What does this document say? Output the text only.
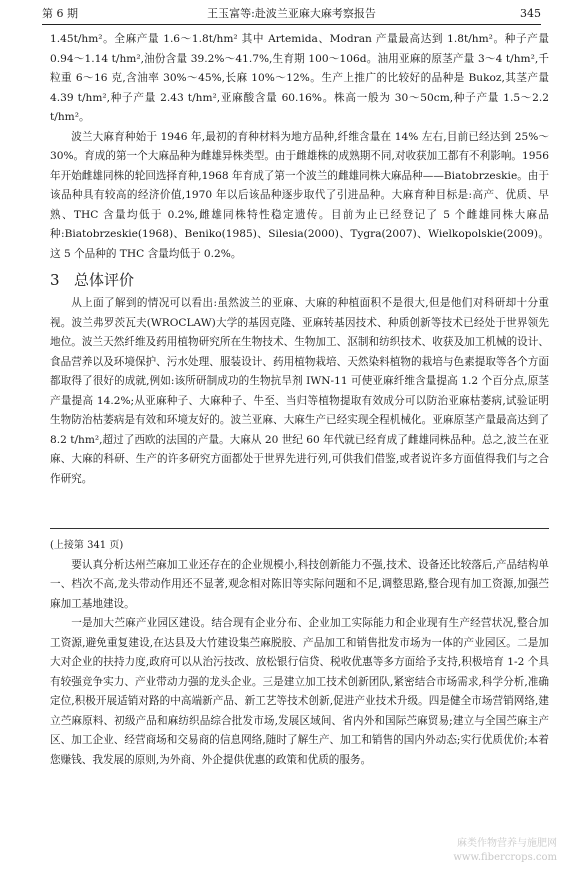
第 6 期	王玉富等:赴波兰亚麻大麻考察报告	345

1.45t/hm²。全麻产量 1.6～1.8t/hm² 其中 Artemida、Modran 产量最高达到 1.8t/hm²。种子产量 0.94～1.14 t/hm²,油份含量 39.2%～41.7%,生育期 100～106d。油用亚麻的原茎产量 3～4 t/hm²,千粒重 6～16 克,含油率 30%～45%,长麻 10%～12%。生产上推广的比较好的品种是 Bukoz,其茎产量 4.39 t/hm²,种子产量 2.43 t/hm²,亚麻酸含量 60.16%。株高一般为 30～50cm,种子产量 1.5～2.2 t/hm²。

波兰大麻育种始于 1946 年,最初的育种材料为地方品种,纤维含量在 14% 左右,目前已经达到 25%～30%。育成的第一个大麻品种为雌雄异株类型。由于雌雄株的成熟期不同,对收获加工都有不利影响。1956 年开始雌雄同株的轮回选择育种,1968 年育成了第一个波兰的雌雄同株大麻品种——Biatobrzeskie。由于该品种具有较高的经济价值,1970 年以后该品种逐步取代了引进品种。大麻育种目标是:高产、优质、早熟、THC 含量均低于 0.2%,雌雄同株特性稳定遗传。目前为止已经登记了 5 个雌雄同株大麻品种:Biatobrzeskie(1968)、Beniko(1985)、Silesia(2000)、Tygra(2007)、Wielkopolskie(2009)。这 5 个品种的 THC 含量均低于 0.2%。

3 总体评价

从上面了解到的情况可以看出:虽然波兰的亚麻、大麻的种植面积不是很大,但是他们对科研却十分重视。波兰弗罗茨瓦夫(WROCLAW)大学的基因克隆、亚麻转基因技术、种质创新等技术已经处于世界领先地位。波兰天然纤维及药用植物研究所在生物技术、生物加工、沤制和纺织技术、收获及加工机械的设计、食品营养以及环境保护、污水处理、服装设计、药用植物栽培、天然染料植物的栽培与色素提取等各个方面都取得了很好的成就,例如:该所研制成功的生物抗旱剂 IWN-11 可使亚麻纤维含量提高 1.2 个百分点,原茎产量提高 14.2%;从亚麻种子、大麻种子、牛至、当归等植物提取有效成分可以防治亚麻枯萎病,试验证明生物防治枯萎病是有效和环境友好的。波兰亚麻、大麻生产已经实现全程机械化。亚麻原茎产量最高达到了 8.2 t/hm²,超过了西欧的法国的产量。大麻从 20 世纪 60 年代就已经育成了雌雄同株品种。总之,波兰在亚麻、大麻的科研、生产的许多研究方面都处于世界先进行列,可供我们借鉴,或者说许多方面值得我们与之合作研究。

(上接第 341 页)

要认真分析达州苎麻加工业还存在的企业规模小,科技创新能力不强,技术、设备还比较落后,产品结构单一、档次不高,龙头带动作用还不显著,观念相对陈旧等实际问题和不足,调整思路,整合现有加工资源,加强苎麻加工基地建设。

一是加大苎麻产业园区建设。结合现有企业分布、企业加工实际能力和企业现有生产经营状况,整合加工资源,避免重复建设,在达县及大竹建设集苎麻脱胶、产品加工和销售批发市场为一体的产业园区。二是加大对企业的扶持力度,政府可以从治污技改、放松银行信贷、税收优惠等多方面给予支持,积极培育 1-2 个具有较强竞争实力、产业带动力强的龙头企业。三是建立加工技术创新团队,紧密结合市场需求,科学分析,准确定位,积极开展适销对路的中高端新产品、新工艺等技术创新,促进产业技术升级。四是健全市场营销网络,建立苎麻原料、初级产品和麻纺织品综合批发市场,发展区域间、省内外和国际苎麻贸易;建立与全国苎麻主产区、加工企业、经营商场和交易商的信息网络,随时了解生产、加工和销售的国内外动态;实行优质优价;本着您赚钱、我发展的原则,为外商、外企提供优惠的政策和优质的服务。

麻类作物营养与施肥网
www.fibercrops.com
